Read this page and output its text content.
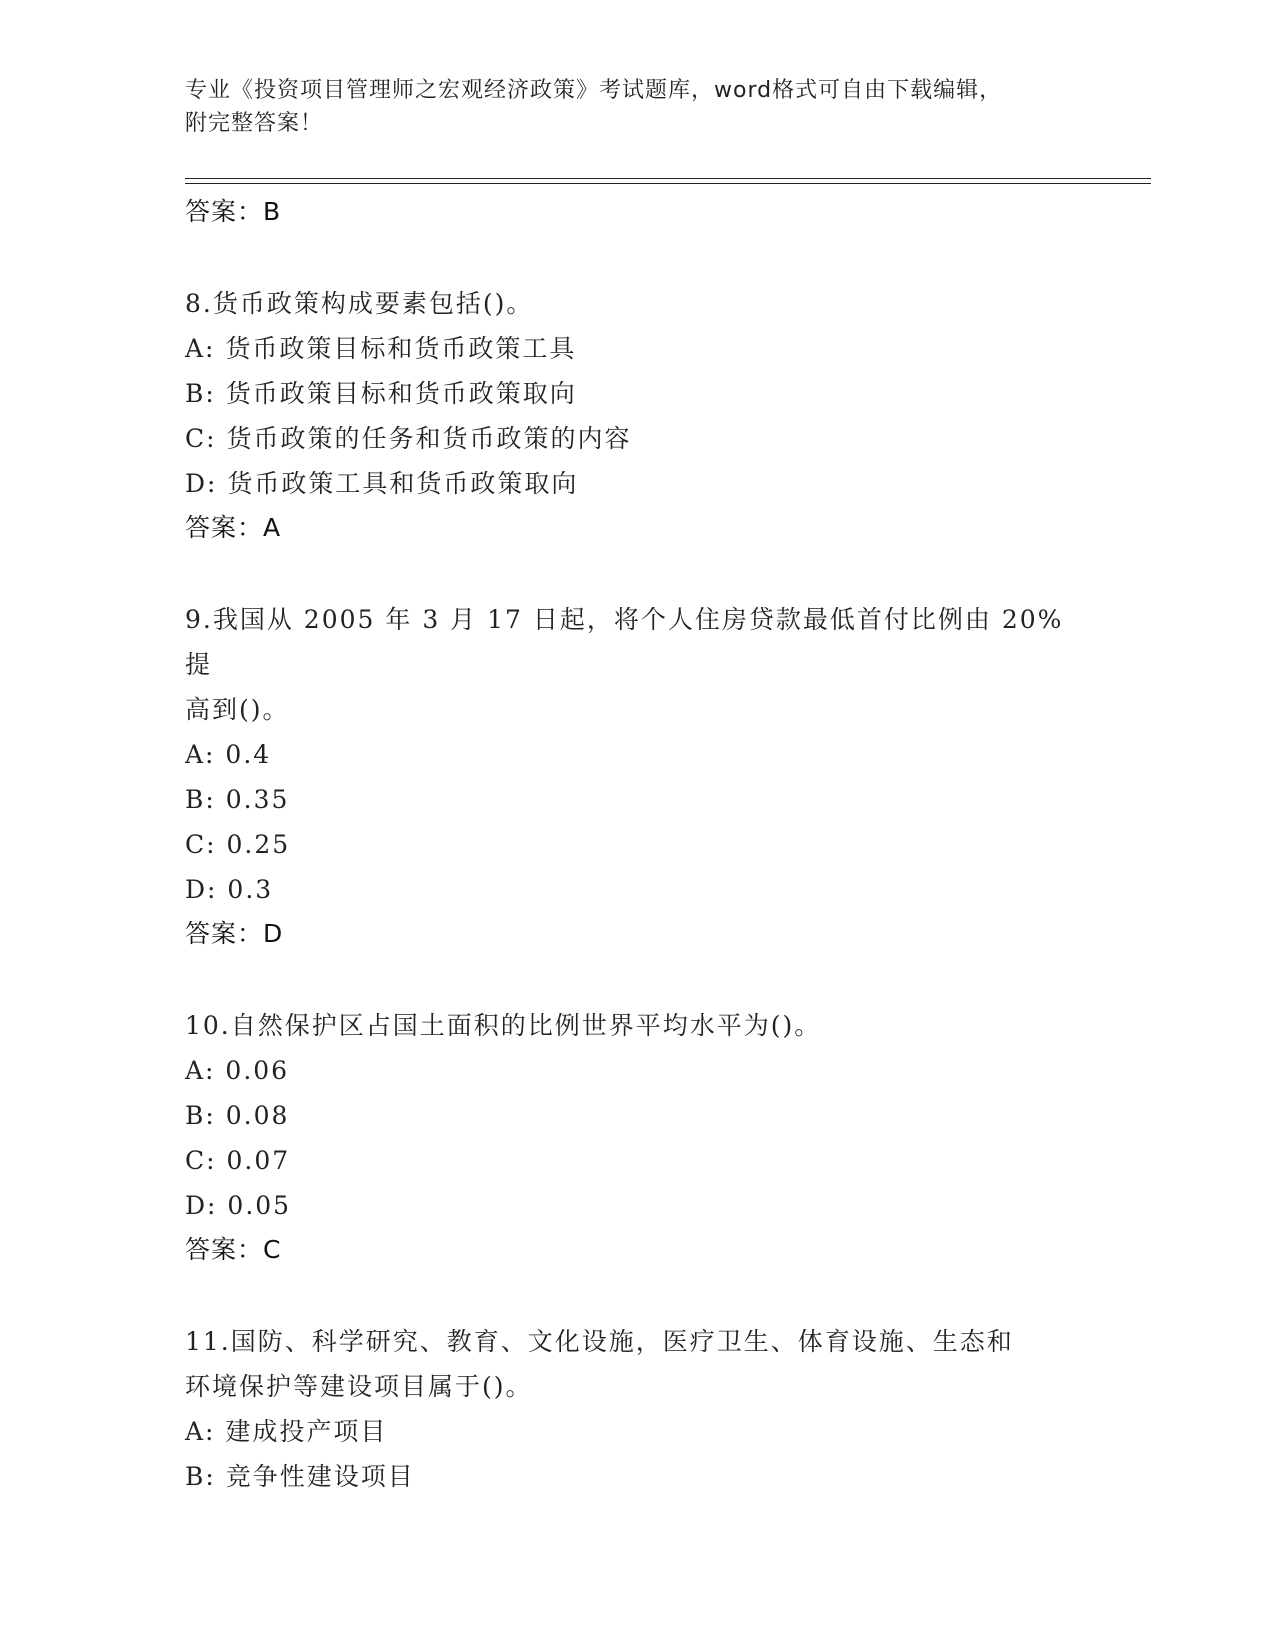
专业《投资项目管理师之宏观经济政策》考试题库，word格式可自由下载编辑，
附完整答案！
答案：B
8.货币政策构成要素包括()。
A: 货币政策目标和货币政策工具
B: 货币政策目标和货币政策取向
C: 货币政策的任务和货币政策的内容
D: 货币政策工具和货币政策取向
答案：A
9.我国从 2005 年 3 月 17 日起，将个人住房贷款最低首付比例由 20%提
高到()。
A: 0.4
B: 0.35
C: 0.25
D: 0.3
答案：D
10.自然保护区占国土面积的比例世界平均水平为()。
A: 0.06
B: 0.08
C: 0.07
D: 0.05
答案：C
11.国防、科学研究、教育、文化设施，医疗卫生、体育设施、生态和
环境保护等建设项目属于()。
A: 建成投产项目
B: 竞争性建设项目
